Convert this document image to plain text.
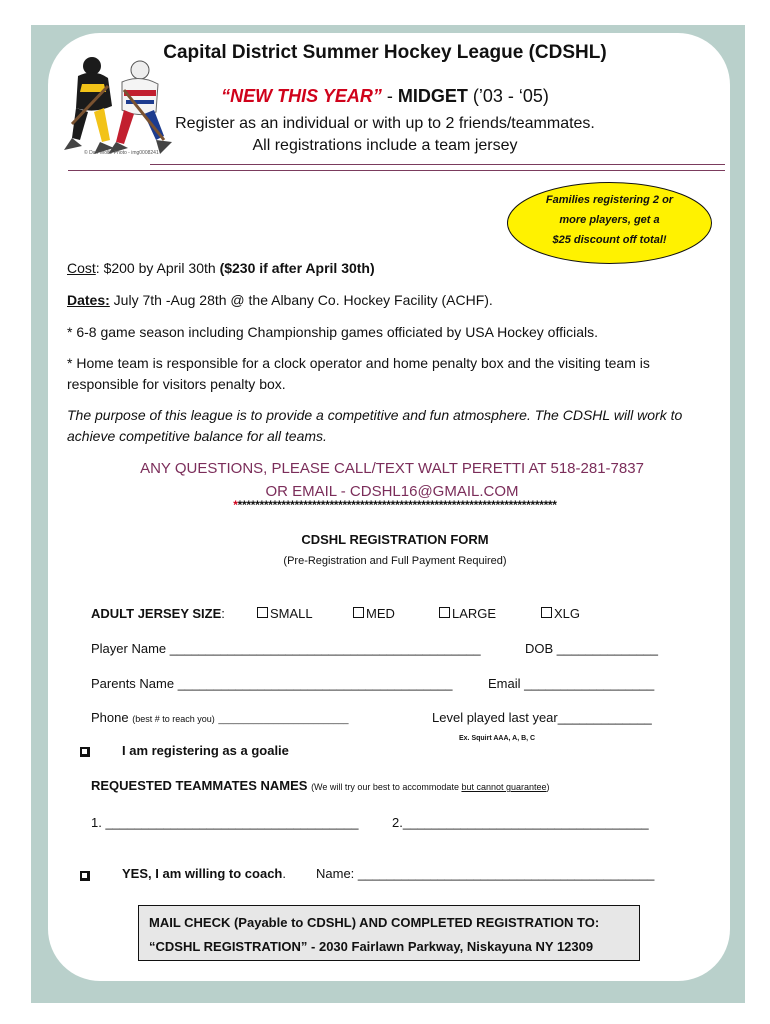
© Dan Wolfe Photo - img0008241
Capital District Summer Hockey League (CDSHL)
“NEW THIS YEAR” - MIDGET (’03 - ‘05)
Register as an individual or with up to 2 friends/teammates.
All registrations include a team jersey
Families registering 2 or
more players, get a
$25 discount off total!
Cost: $200 by April 30th ($230 if after April 30th)
Dates: July 7th -Aug 28th @ the Albany Co. Hockey Facility (ACHF).
* 6-8 game season including Championship games officiated by USA Hockey officials.
* Home team is responsible for a clock operator and home penalty box and the visiting team is responsible for visitors penalty box.
The purpose of this league is to provide a competitive and fun atmosphere. The CDSHL will work to achieve competitive balance for all teams.
ANY QUESTIONS, PLEASE CALL/TEXT WALT PERETTI AT 518-281-7837
OR EMAIL - CDSHL16@GMAIL.COM
**************************************************************************
CDSHL REGISTRATION FORM
(Pre-Registration and Full Payment Required)
ADULT JERSEY SIZE:	SMALL	MED	LARGE	XLG
Player Name ___________________________________________	DOB ______________
Parents Name ______________________________________	Email __________________
Phone (best # to reach you) __________________________	Level played last year_____________
Ex. Squirt AAA, A, B, C
I am registering as a goalie
REQUESTED TEAMMATES NAMES (We will try our best to accommodate but cannot guarantee)
1. ___________________________________	2.__________________________________
YES, I am willing to coach. Name: _________________________________________
MAIL CHECK (Payable to CDSHL) AND COMPLETED REGISTRATION TO:
“CDSHL REGISTRATION” - 2030 Fairlawn Parkway, Niskayuna NY 12309
